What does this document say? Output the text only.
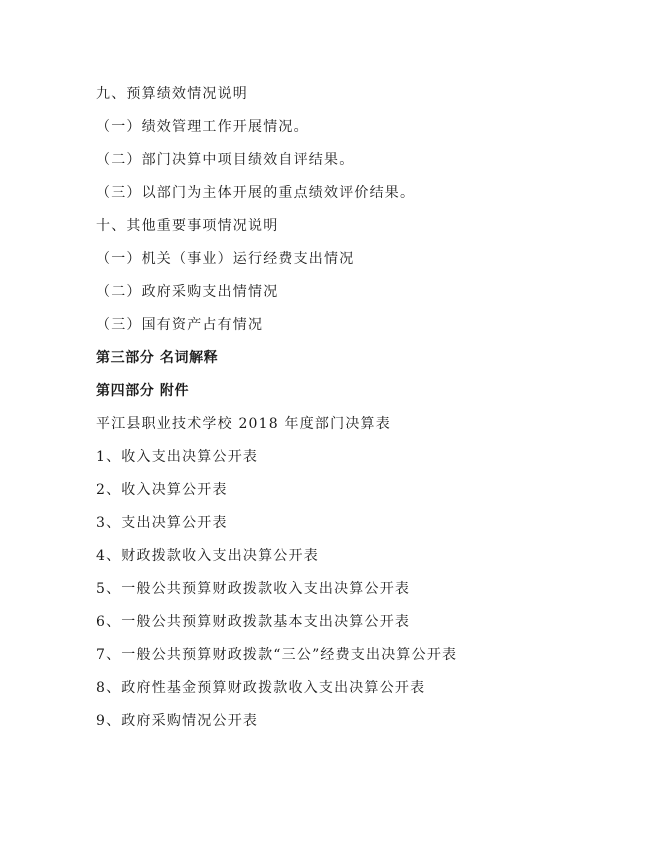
九、预算绩效情况说明
（一）绩效管理工作开展情况。
（二）部门决算中项目绩效自评结果。
（三）以部门为主体开展的重点绩效评价结果。
十、其他重要事项情况说明
（一）机关（事业）运行经费支出情况
（二）政府采购支出情情况
（三）国有资产占有情况
第三部分 名词解释
第四部分 附件
平江县职业技术学校 2018 年度部门决算表
1、收入支出决算公开表
2、收入决算公开表
3、支出决算公开表
4、财政拨款收入支出决算公开表
5、一般公共预算财政拨款收入支出决算公开表
6、一般公共预算财政拨款基本支出决算公开表
7、一般公共预算财政拨款“三公”经费支出决算公开表
8、政府性基金预算财政拨款收入支出决算公开表
9、政府采购情况公开表
